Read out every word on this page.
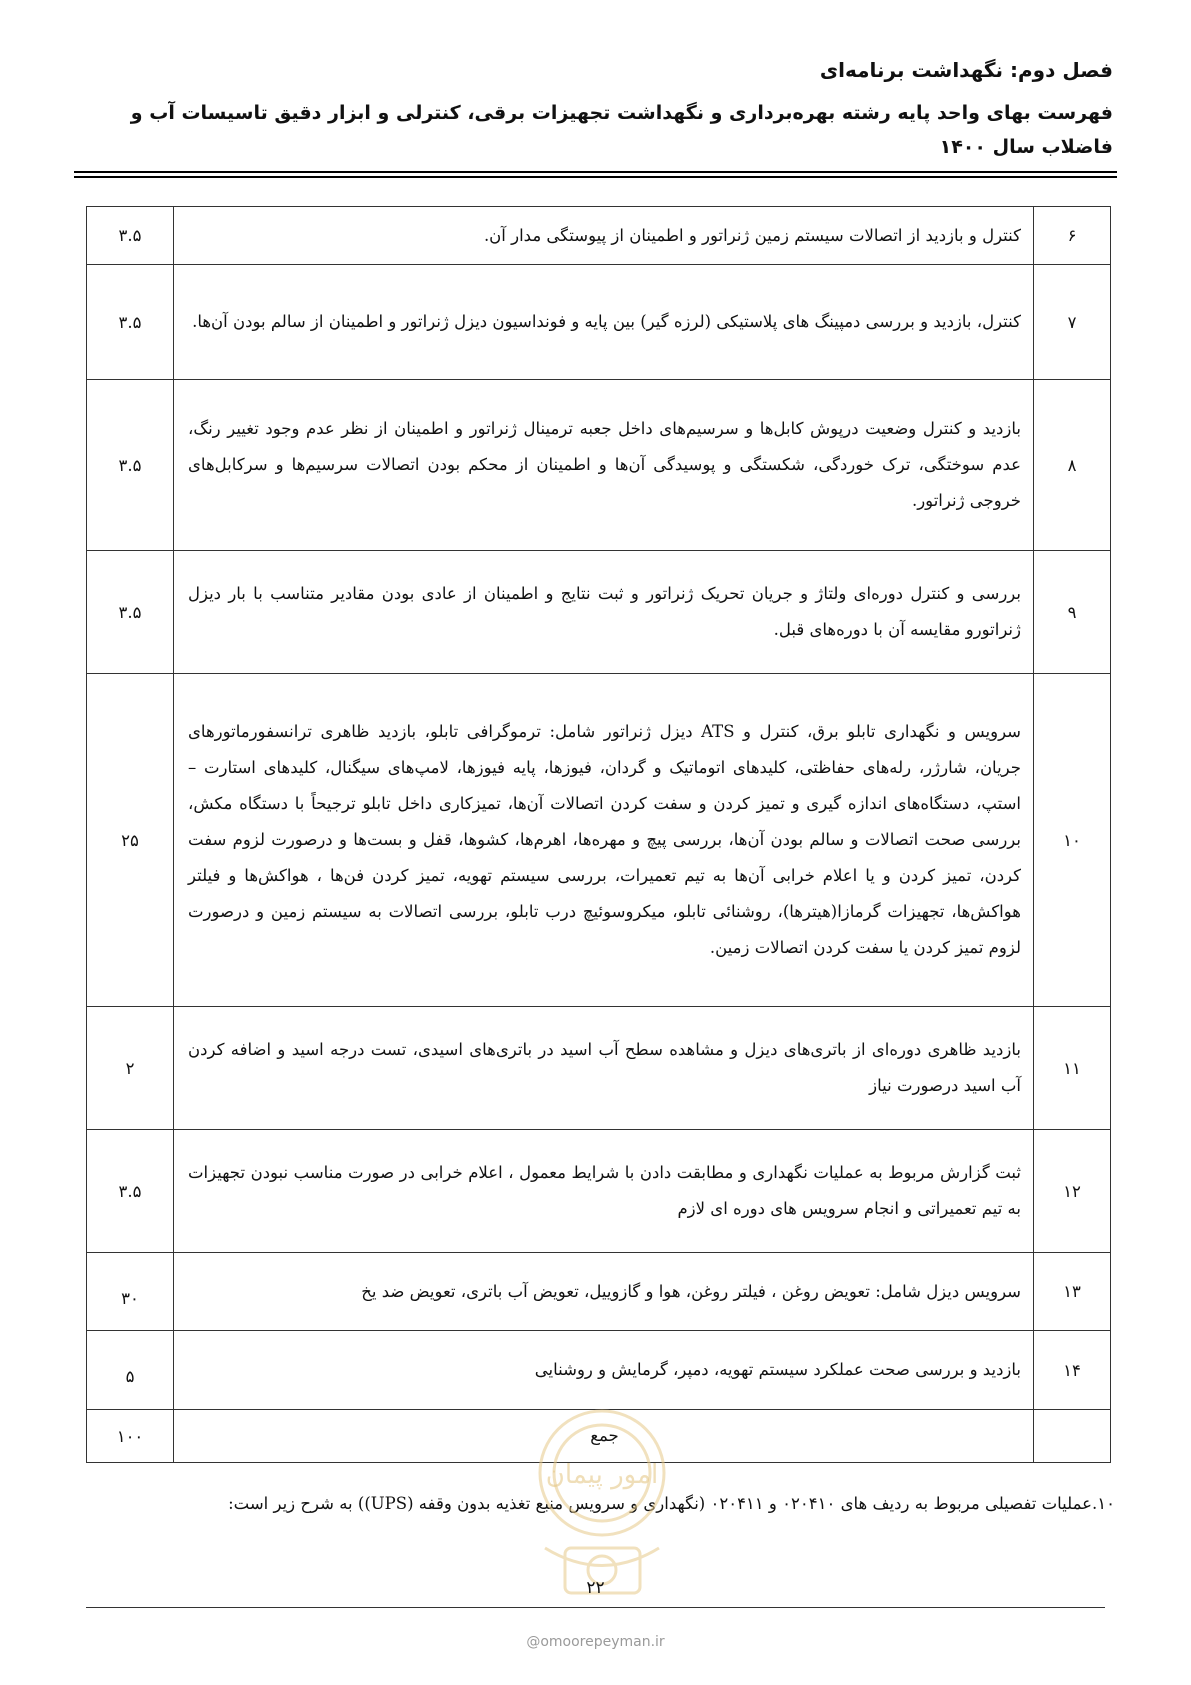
فصل دوم: نگهداشت برنامه‌ای
فهرست بهای واحد پایه رشته بهره‌برداری و نگهداشت تجهیزات برقی، کنترلی و ابزار دقیق تاسیسات آب و فاضلاب سال ۱۴۰۰
۶	کنترل و بازدید از اتصالات سیستم زمین ژنراتور و اطمینان از پیوستگی مدار آن.	۳.۵
۷	کنترل، بازدید و بررسی دمپینگ های پلاستیکی (لرزه گیر) بین پایه و فونداسیون دیزل ژنراتور و اطمینان از سالم بودن آن‌ها.	۳.۵
۸	بازدید و کنترل وضعیت درپوش کابل‌ها و سرسیم‌های داخل جعبه ترمینال ژنراتور و اطمینان از نظر عدم وجود تغییر رنگ، عدم سوختگی، ترک خوردگی، شکستگی و پوسیدگی آن‌ها و اطمینان از محکم بودن اتصالات سرسیم‌ها و سرکابل‌های خروجی ژنراتور.	۳.۵
۹	بررسی و کنترل دوره‌ای ولتاژ و جریان تحریک ژنراتور و ثبت نتایج و اطمینان از عادی بودن مقادیر متناسب با بار دیزل ژنراتورو مقایسه آن با دوره‌های قبل.	۳.۵
۱۰	سرویس و نگهداری تابلو برق، کنترل و ATS دیزل ژنراتور شامل: ترموگرافی تابلو، بازدید ظاهری ترانسفورماتورهای جریان، شارژر، رله‌های حفاظتی، کلیدهای اتوماتیک و گردان، فیوزها، پایه فیوزها، لامپ‌های سیگنال، کلیدهای استارت – استپ، دستگاه‌های اندازه گیری و تمیز کردن و سفت کردن اتصالات آن‌ها، تمیزکاری داخل تابلو ترجیحاً با دستگاه مکش، بررسی صحت اتصالات و سالم بودن آن‌ها، بررسی پیچ و مهره‌ها، اهرم‌ها، کشوها، قفل و بست‌ها و درصورت لزوم سفت کردن، تمیز کردن و یا اعلام خرابی آن‌ها به تیم تعمیرات، بررسی سیستم تهویه، تمیز کردن فن‌ها ، هواکش‌ها و فیلتر هواکش‌ها، تجهیزات گرمازا(هیترها)، روشنائی تابلو، میکروسوئیچ درب تابلو، بررسی اتصالات به سیستم زمین و درصورت لزوم تمیز کردن یا سفت کردن اتصالات زمین.	۲۵
۱۱	بازدید ظاهری دوره‌ای از باتری‌های دیزل و مشاهده سطح آب اسید در باتری‌های اسیدی، تست درجه اسید و اضافه کردن آب اسید درصورت نیاز	۲
۱۲	ثبت گزارش مربوط به عملیات نگهداری و مطابقت دادن با شرایط معمول ، اعلام خرابی در صورت مناسب نبودن تجهیزات به تیم تعمیراتی و انجام سرویس های دوره ای لازم	۳.۵
۱۳	سرویس دیزل شامل: تعویض روغن ، فیلتر روغن، هوا و گازوییل، تعویض آب باتری، تعویض ضد یخ	۳۰
۱۴	بازدید و بررسی صحت عملکرد سیستم تهویه، دمپر، گرمایش و روشنایی	۵
	جمع	۱۰۰
۱۰.عملیات تفصیلی مربوط به ردیف های ۰۲۰۴۱۰ و ۰۲۰۴۱۱ (نگهداری و سرویس منبع تغذیه بدون وقفه (UPS)) به شرح زیر است:
امور پیمان
۲۲
@omoorepeyman.ir
